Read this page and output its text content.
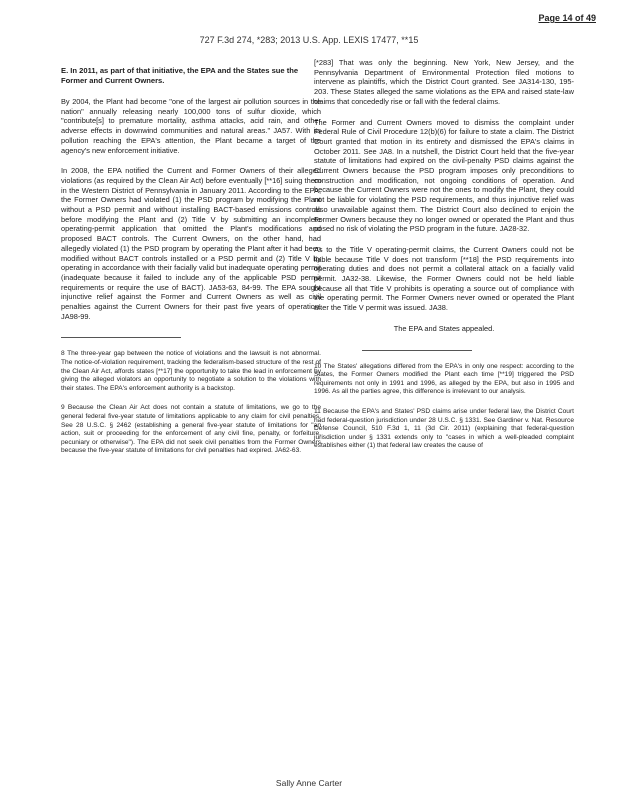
Page 14 of 49
727 F.3d 274, *283; 2013 U.S. App. LEXIS 17477, **15
E. In 2011, as part of that initiative, the EPA and the States sue the Former and Current Owners.

By 2004, the Plant had become "one of the largest air pollution sources in the nation" annually releasing nearly 100,000 tons of sulfur dioxide, which "contribute[s] to premature mortality, asthma attacks, acid rain, and other adverse effects in downwind communities and natural areas." JA57. With its pollution reaching the EPA's attention, the Plant became a target of the agency's new enforcement initiative.

In 2008, the EPA notified the Current and Former Owners of their alleged violations (as required by the Clean Air Act) before eventually [**16] suing them in the Western District of Pennsylvania in January 2011. According to the EPA, the Former Owners had violated (1) the PSD program by modifying the Plant without a PSD permit and without installing BACT-based emissions controls before modifying the Plant and (2) Title V by submitting an incomplete operating-permit application that omitted the Plant's modifications and proposed BACT controls. The Current Owners, on the other hand, had allegedly violated (1) the PSD program by operating the Plant after it had been modified without BACT controls installed or a PSD permit and (2) Title V by operating in accordance with their facially valid but inadequate operating permit (inadequate because it failed to include any of the applicable PSD permit requirements or require the use of BACT). JA53-63, 84-99. The EPA sought injunctive relief against the Former and Current Owners as well as civil penalties against the Current Owners for their past five years of operation. JA98-99.

8 The three-year gap between the notice of violations and the lawsuit is not abnormal. The notice-of-violation requirement, tracking the federalism-based structure of the rest of the Clean Air Act, affords states [**17] the opportunity to take the lead in enforcement by giving the alleged violators an opportunity to negotiate a solution to the violations with their states. The EPA's enforcement authority is a backstop.

9 Because the Clean Air Act does not contain a statute of limitations, we go to the general federal five-year statute of limitations applicable to any claim for civil penalties. See 28 U.S.C. § 2462 (establishing a general five-year statute of limitations for "an action, suit or proceeding for the enforcement of any civil fine, penalty, or forfeiture, pecuniary or otherwise"). The EPA did not seek civil penalties from the Former Owners because the five-year statute of limitations for civil penalties had expired. JA62-63.

[*283] That was only the beginning. New York, New Jersey, and the Pennsylvania Department of Environmental Protection filed motions to intervene as plaintiffs, which the District Court granted. See JA314-130, 195-203. These States alleged the same violations as the EPA and raised state-law claims that concededly rise or fall with the federal claims.

The Former and Current Owners moved to dismiss the complaint under Federal Rule of Civil Procedure 12(b)(6) for failure to state a claim. The District Court granted that motion in its entirety and dismissed the EPA's claims in October 2011. See JA8. In a nutshell, the District Court held that the five-year statute of limitations had expired on the civil-penalty PSD claims against the Current Owners because the PSD program imposes only preconditions to construction and modification, not ongoing conditions of operation. And because the Current Owners were not the ones to modify the Plant, they could not be liable for violating the PSD requirements, and thus injunctive relief was also unavailable against them. The District Court also declined to enjoin the Former Owners because they no longer owned or operated the Plant and thus posed no risk of violating the PSD program in the future. JA28-32.

As to the Title V operating-permit claims, the Current Owners could not be liable because Title V does not transform [**18] the PSD requirements into operating duties and does not permit a collateral attack on a facially valid permit. JA32-38. Likewise, the Former Owners could not be held liable because all that Title V prohibits is operating a source out of compliance with the operating permit. The Former Owners never owned or operated the Plant after the Title V permit was issued. JA38.

The EPA and States appealed.

10 The States' allegations differed from the EPA's in only one respect: according to the States, the Former Owners modified the Plant each time [**19] triggered the PSD requirements not only in 1991 and 1996, as alleged by the EPA, but also in 1995 and 1996. As all the parties agree, this difference is irrelevant to our analysis.

11 Because the EPA's and States' PSD claims arise under federal law, the District Court had federal-question jurisdiction under 28 U.S.C. § 1331. See Gardiner v. Nat. Resource Defense Council, 510 F.3d 1, 11 (3d Cir. 2011) (explaining that federal-question jurisdiction under § 1331 extends only to "cases in which a well-pleaded complaint establishes either (1) that federal law creates the cause of

Sally Anne Carter
